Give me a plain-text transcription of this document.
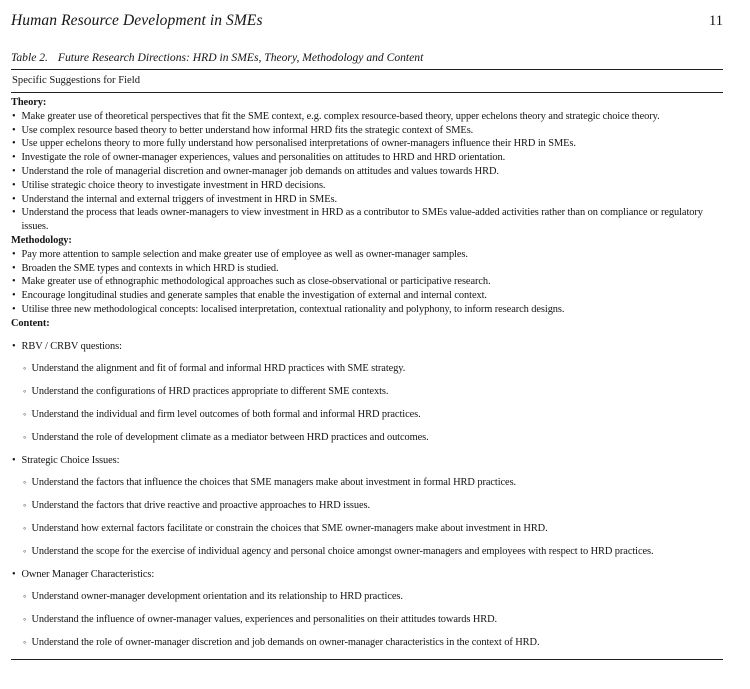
Human Resource Development in SMEs	11
Table 2. Future Research Directions: HRD in SMEs, Theory, Methodology and Content
Specific Suggestions for Field
Theory:
• Make greater use of theoretical perspectives that fit the SME context, e.g. complex resource-based theory, upper echelons theory and strategic choice theory.
• Use complex resource based theory to better understand how informal HRD fits the strategic context of SMEs.
• Use upper echelons theory to more fully understand how personalised interpretations of owner-managers influence their HRD in SMEs.
• Investigate the role of owner-manager experiences, values and personalities on attitudes to HRD and HRD orientation.
• Understand the role of managerial discretion and owner-manager job demands on attitudes and values towards HRD.
• Utilise strategic choice theory to investigate investment in HRD decisions.
• Understand the internal and external triggers of investment in HRD in SMEs.
• Understand the process that leads owner-managers to view investment in HRD as a contributor to SMEs value-added activities rather than on compliance or regulatory issues.
Methodology:
• Pay more attention to sample selection and make greater use of employee as well as owner-manager samples.
• Broaden the SME types and contexts in which HRD is studied.
• Make greater use of ethnographic methodological approaches such as close-observational or participative research.
• Encourage longitudinal studies and generate samples that enable the investigation of external and internal context.
• Utilise three new methodological concepts: localised interpretation, contextual rationality and polyphony, to inform research designs.
Content:
• RBV / CRBV questions:
◦ Understand the alignment and fit of formal and informal HRD practices with SME strategy.
◦ Understand the configurations of HRD practices appropriate to different SME contexts.
◦ Understand the individual and firm level outcomes of both formal and informal HRD practices.
◦ Understand the role of development climate as a mediator between HRD practices and outcomes.
• Strategic Choice Issues:
◦ Understand the factors that influence the choices that SME managers make about investment in formal HRD practices.
◦ Understand the factors that drive reactive and proactive approaches to HRD issues.
◦ Understand how external factors facilitate or constrain the choices that SME owner-managers make about investment in HRD.
◦ Understand the scope for the exercise of individual agency and personal choice amongst owner-managers and employees with respect to HRD practices.
• Owner Manager Characteristics:
◦ Understand owner-manager development orientation and its relationship to HRD practices.
◦ Understand the influence of owner-manager values, experiences and personalities on their attitudes towards HRD.
◦ Understand the role of owner-manager discretion and job demands on owner-manager characteristics in the context of HRD.
